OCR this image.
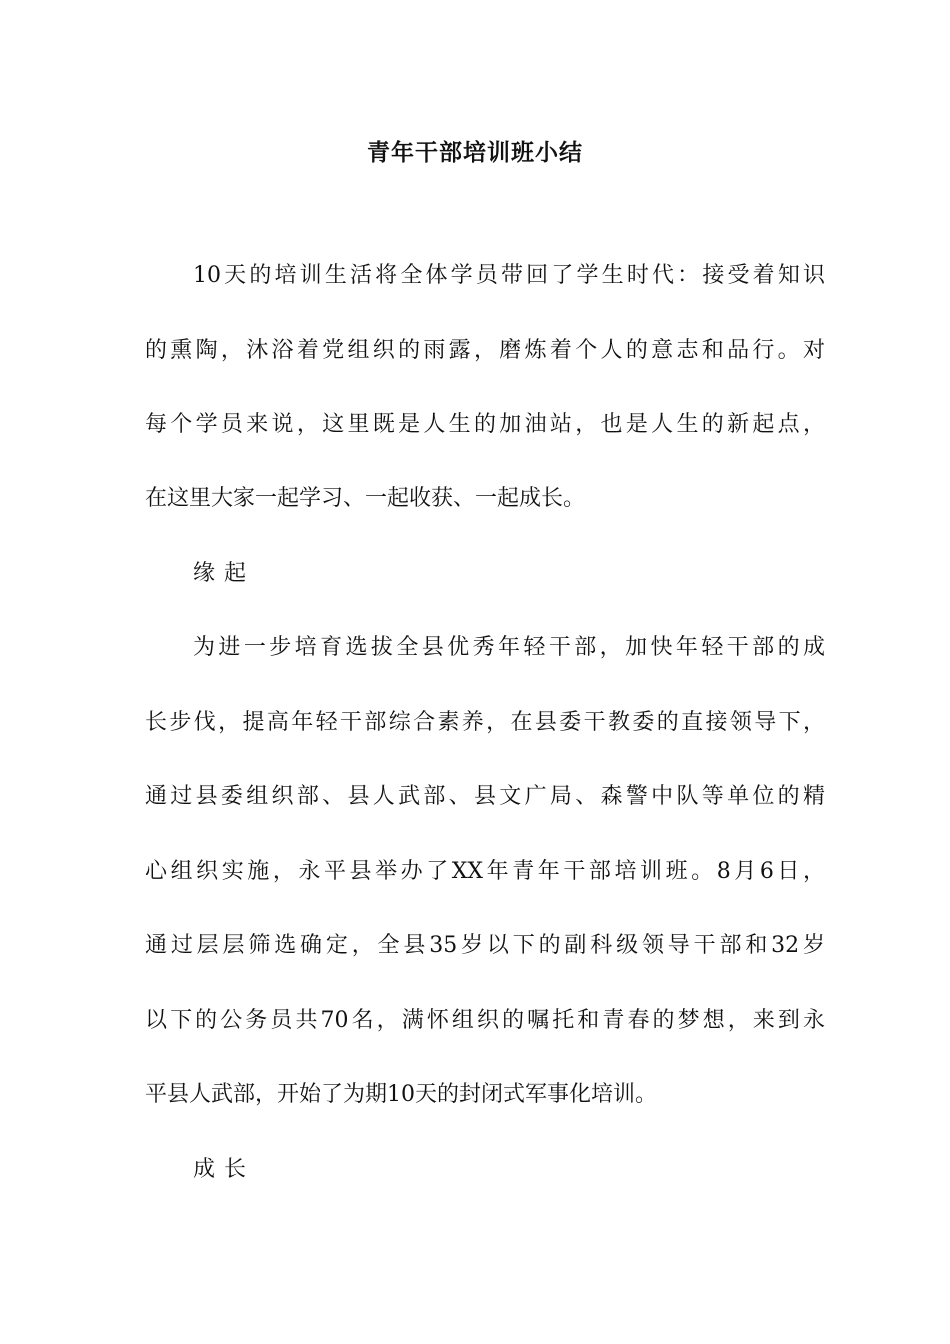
青年干部培训班小结
10天的培训生活将全体学员带回了学生时代：接受着知识
的熏陶，沐浴着党组织的雨露，磨炼着个人的意志和品行。对
每个学员来说，这里既是人生的加油站，也是人生的新起点，
在这里大家一起学习、一起收获、一起成长。
缘 起
为进一步培育选拔全县优秀年轻干部，加快年轻干部的成
长步伐，提高年轻干部综合素养，在县委干教委的直接领导下，
通过县委组织部、县人武部、县文广局、森警中队等单位的精
心组织实施，永平县举办了XX年青年干部培训班。8月6日，
通过层层筛选确定，全县35岁以下的副科级领导干部和32岁
以下的公务员共70名，满怀组织的嘱托和青春的梦想，来到永
平县人武部，开始了为期10天的封闭式军事化培训。
成 长
